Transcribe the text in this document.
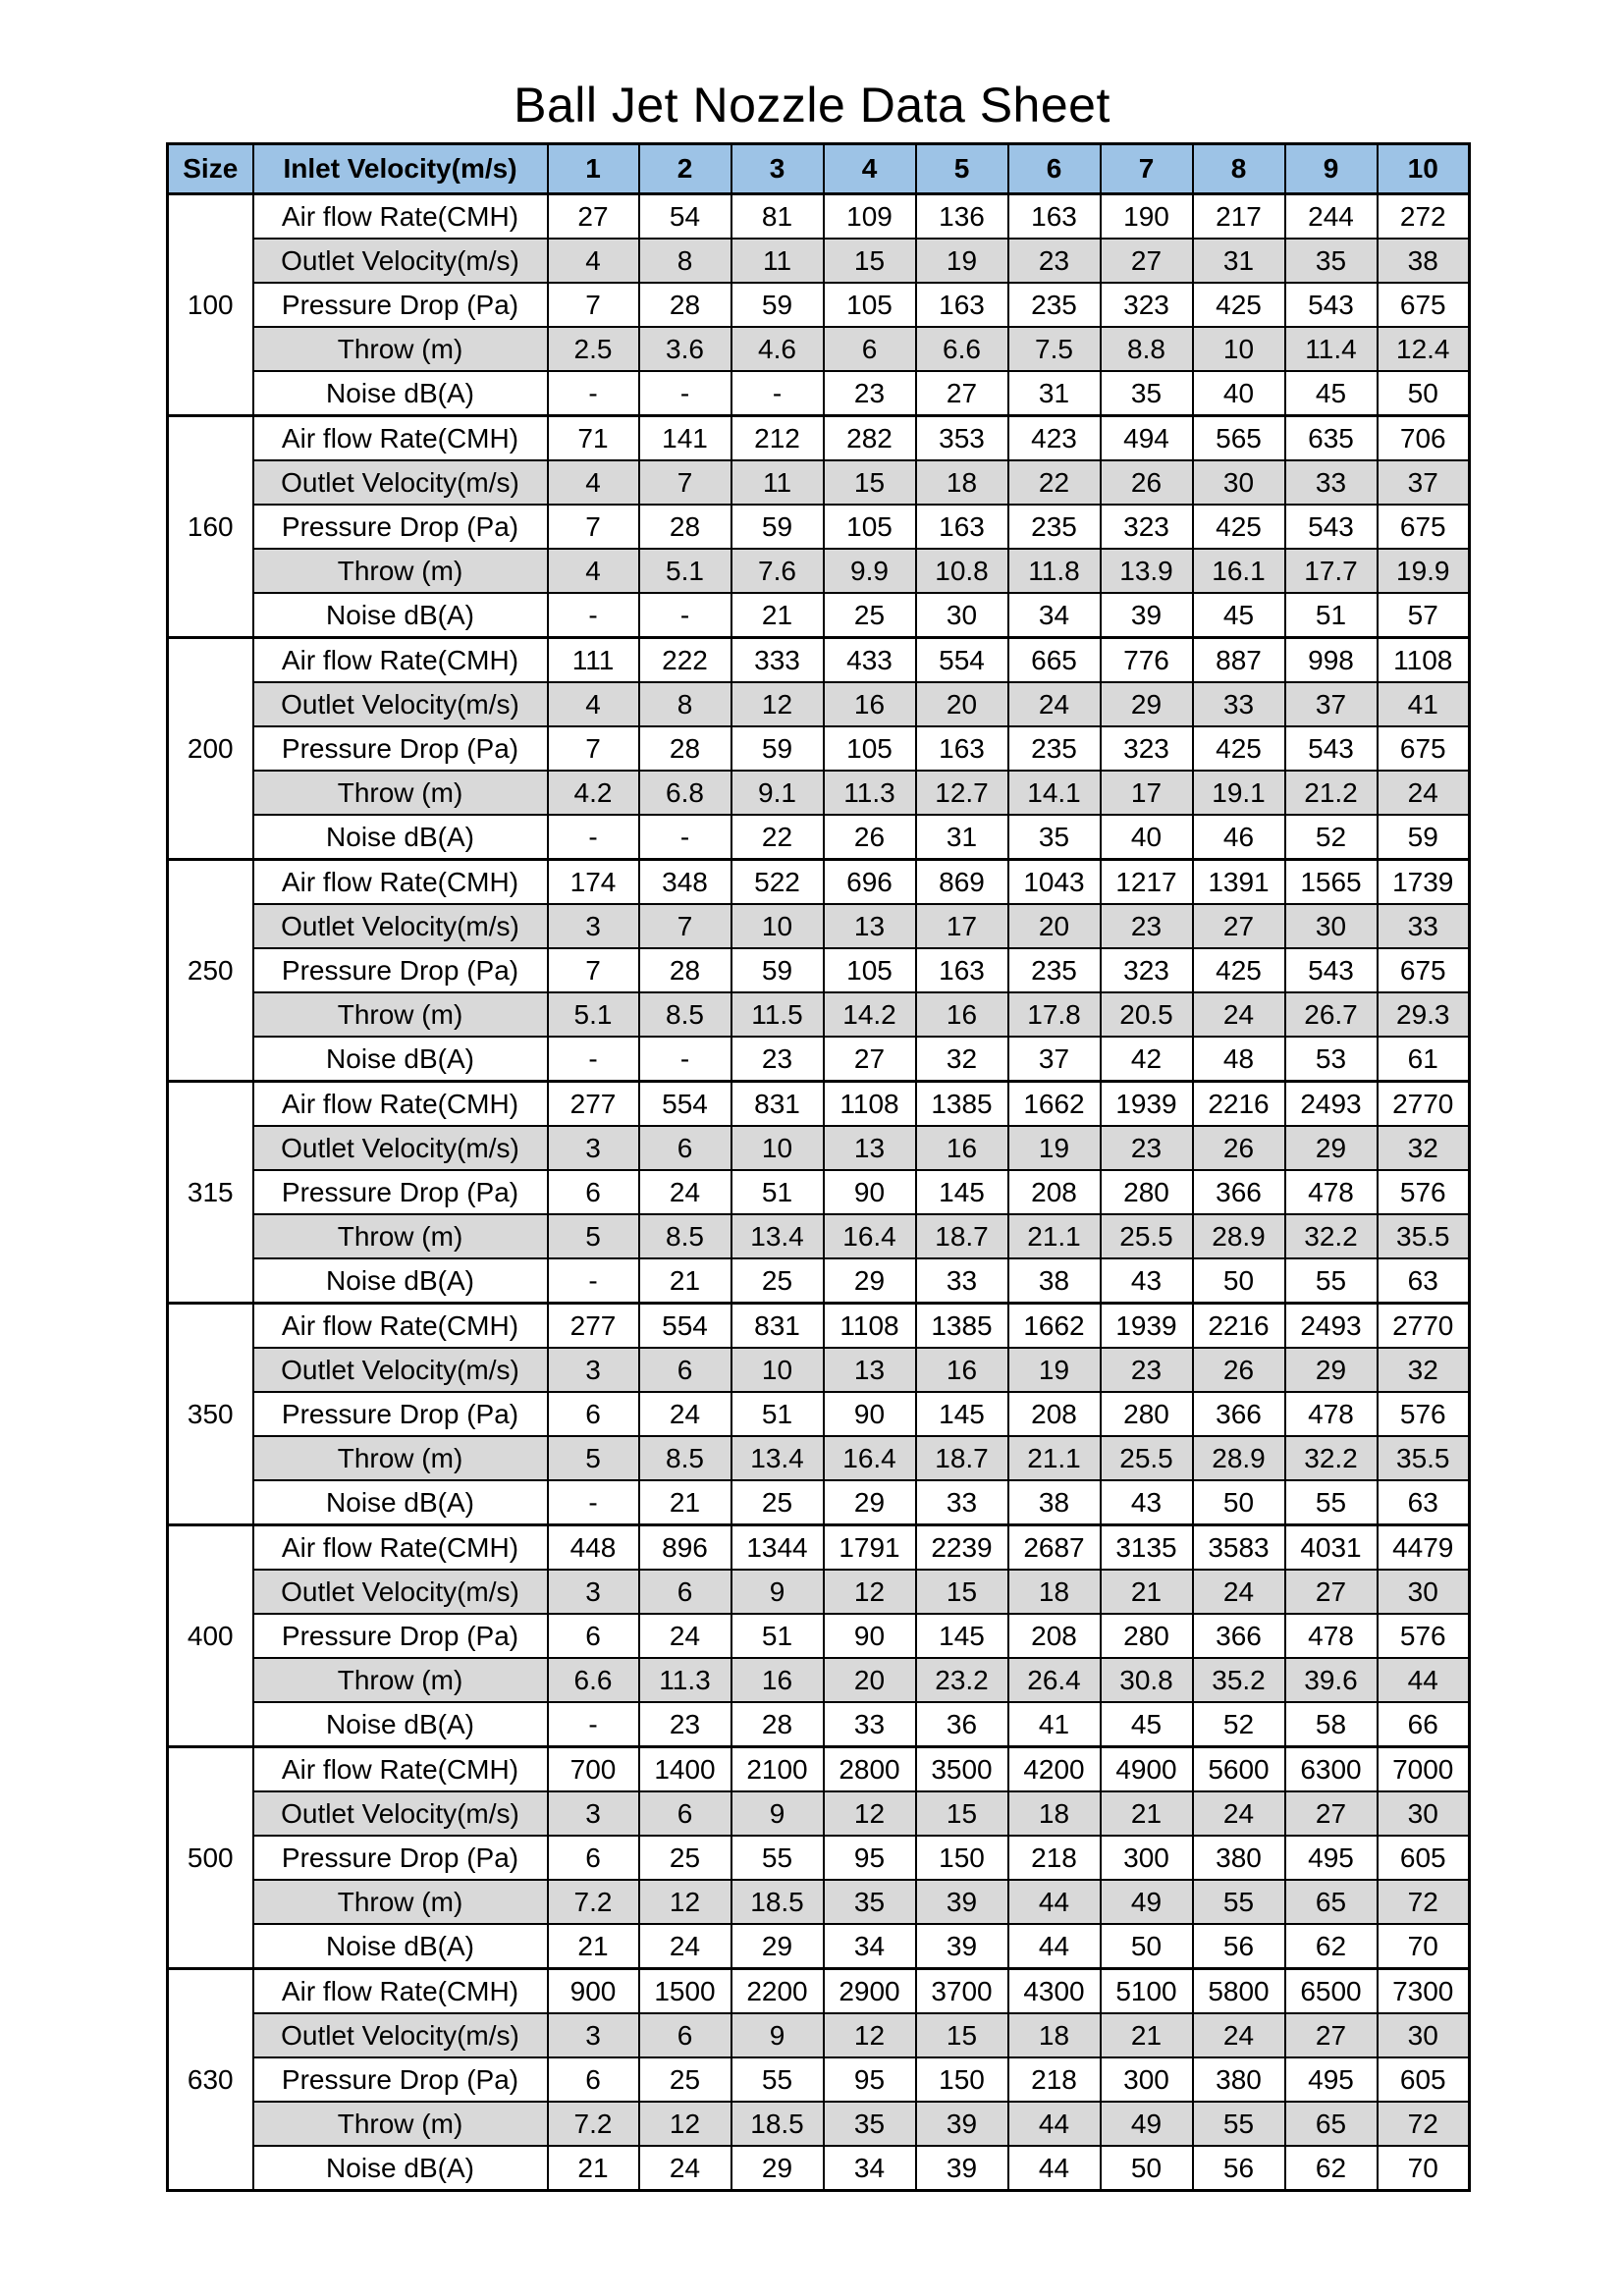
Ball Jet Nozzle Data Sheet
Size	Inlet Velocity(m/s)	1	2	3	4	5	6	7	8	9	10
100	Air flow Rate(CMH)	27	54	81	109	136	163	190	217	244	272
	Outlet Velocity(m/s)	4	8	11	15	19	23	27	31	35	38
	Pressure Drop (Pa)	7	28	59	105	163	235	323	425	543	675
	Throw (m)	2.5	3.6	4.6	6	6.6	7.5	8.8	10	11.4	12.4
	Noise dB(A)	-	-	-	23	27	31	35	40	45	50
160	Air flow Rate(CMH)	71	141	212	282	353	423	494	565	635	706
	Outlet Velocity(m/s)	4	7	11	15	18	22	26	30	33	37
	Pressure Drop (Pa)	7	28	59	105	163	235	323	425	543	675
	Throw (m)	4	5.1	7.6	9.9	10.8	11.8	13.9	16.1	17.7	19.9
	Noise dB(A)	-	-	21	25	30	34	39	45	51	57
200	Air flow Rate(CMH)	111	222	333	433	554	665	776	887	998	1108
	Outlet Velocity(m/s)	4	8	12	16	20	24	29	33	37	41
	Pressure Drop (Pa)	7	28	59	105	163	235	323	425	543	675
	Throw (m)	4.2	6.8	9.1	11.3	12.7	14.1	17	19.1	21.2	24
	Noise dB(A)	-	-	22	26	31	35	40	46	52	59
250	Air flow Rate(CMH)	174	348	522	696	869	1043	1217	1391	1565	1739
	Outlet Velocity(m/s)	3	7	10	13	17	20	23	27	30	33
	Pressure Drop (Pa)	7	28	59	105	163	235	323	425	543	675
	Throw (m)	5.1	8.5	11.5	14.2	16	17.8	20.5	24	26.7	29.3
	Noise dB(A)	-	-	23	27	32	37	42	48	53	61
315	Air flow Rate(CMH)	277	554	831	1108	1385	1662	1939	2216	2493	2770
	Outlet Velocity(m/s)	3	6	10	13	16	19	23	26	29	32
	Pressure Drop (Pa)	6	24	51	90	145	208	280	366	478	576
	Throw (m)	5	8.5	13.4	16.4	18.7	21.1	25.5	28.9	32.2	35.5
	Noise dB(A)	-	21	25	29	33	38	43	50	55	63
350	Air flow Rate(CMH)	277	554	831	1108	1385	1662	1939	2216	2493	2770
	Outlet Velocity(m/s)	3	6	10	13	16	19	23	26	29	32
	Pressure Drop (Pa)	6	24	51	90	145	208	280	366	478	576
	Throw (m)	5	8.5	13.4	16.4	18.7	21.1	25.5	28.9	32.2	35.5
	Noise dB(A)	-	21	25	29	33	38	43	50	55	63
400	Air flow Rate(CMH)	448	896	1344	1791	2239	2687	3135	3583	4031	4479
	Outlet Velocity(m/s)	3	6	9	12	15	18	21	24	27	30
	Pressure Drop (Pa)	6	24	51	90	145	208	280	366	478	576
	Throw (m)	6.6	11.3	16	20	23.2	26.4	30.8	35.2	39.6	44
	Noise dB(A)	-	23	28	33	36	41	45	52	58	66
500	Air flow Rate(CMH)	700	1400	2100	2800	3500	4200	4900	5600	6300	7000
	Outlet Velocity(m/s)	3	6	9	12	15	18	21	24	27	30
	Pressure Drop (Pa)	6	25	55	95	150	218	300	380	495	605
	Throw (m)	7.2	12	18.5	35	39	44	49	55	65	72
	Noise dB(A)	21	24	29	34	39	44	50	56	62	70
630	Air flow Rate(CMH)	900	1500	2200	2900	3700	4300	5100	5800	6500	7300
	Outlet Velocity(m/s)	3	6	9	12	15	18	21	24	27	30
	Pressure Drop (Pa)	6	25	55	95	150	218	300	380	495	605
	Throw (m)	7.2	12	18.5	35	39	44	49	55	65	72
	Noise dB(A)	21	24	29	34	39	44	50	56	62	70
